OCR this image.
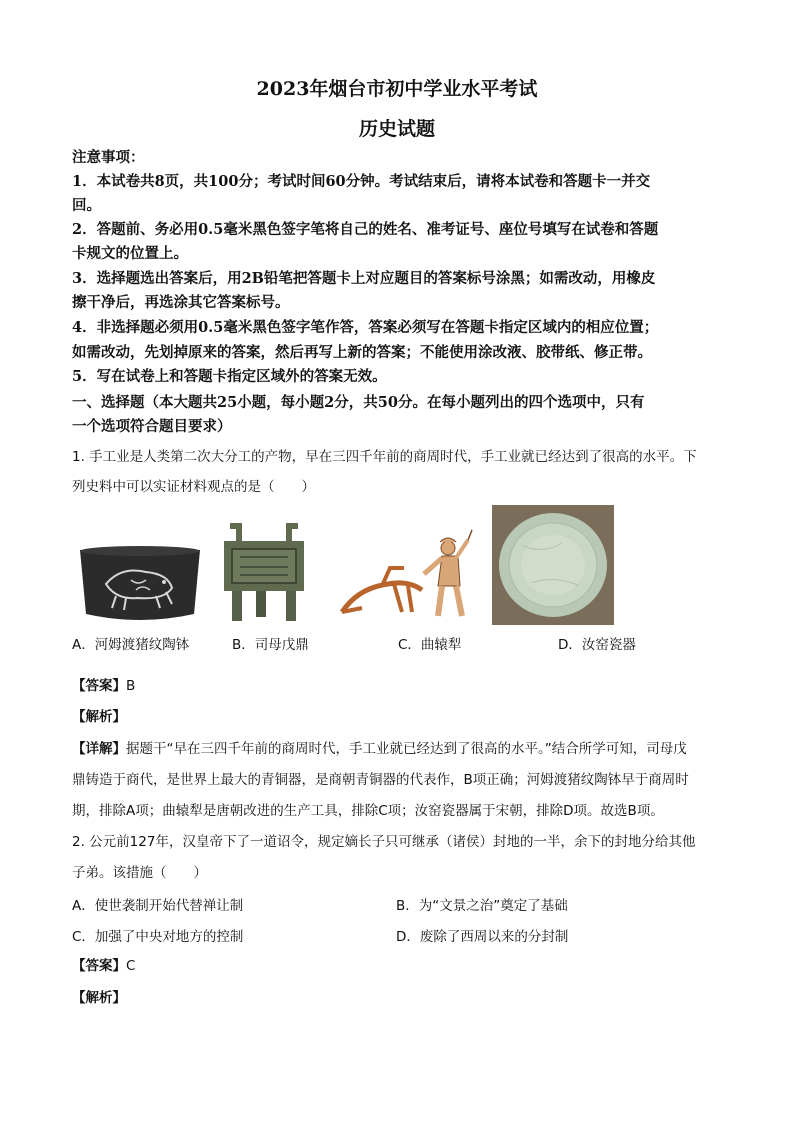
2023年烟台市初中学业水平考试
历史试题
注意事项：
1．本试卷共8页，共100分；考试时间60分钟。考试结束后，请将本试卷和答题卡一并交
回。
2．答题前、务必用0.5毫米黑色签字笔将自己的姓名、准考证号、座位号填写在试卷和答题
卡规文的位置上。
3．选择题选出答案后，用2B铅笔把答题卡上对应题目的答案标号涂黑；如需改动，用橡皮
擦干净后，再选涂其它答案标号。
4．非选择题必须用0.5毫米黑色签字笔作答，答案必须写在答题卡指定区域内的相应位置；
如需改动，先划掉原来的答案，然后再写上新的答案；不能使用涂改液、胶带纸、修正带。
5．写在试卷上和答题卡指定区域外的答案无效。
一、选择题（本大题共25小题，每小题2分，共50分。在每小题列出的四个选项中，只有
一个选项符合题目要求）
1. 手工业是人类第二次大分工的产物，早在三四千年前的商周时代，手工业就已经达到了很高的水平。下
列史料中可以实证材料观点的是（　　）
A．河姆渡猪纹陶钵	B．司母戊鼎	C．曲辕犁	D．汝窑瓷器
【答案】B
【解析】
【详解】据题干“早在三四千年前的商周时代，手工业就已经达到了很高的水平。”结合所学可知，司母戊
鼎铸造于商代，是世界上最大的青铜器，是商朝青铜器的代表作，B项正确；河姆渡猪纹陶钵早于商周时
期，排除A项；曲辕犁是唐朝改进的生产工具，排除C项；汝窑瓷器属于宋朝，排除D项。故选B项。
2. 公元前127年，汉皇帝下了一道诏令，规定嫡长子只可继承（诸侯）封地的一半，余下的封地分给其他
子弟。该措施（　　）
A．使世袭制开始代替禅让制	B．为“文景之治”奠定了基础
C．加强了中央对地方的控制	D．废除了西周以来的分封制
【答案】C
【解析】
